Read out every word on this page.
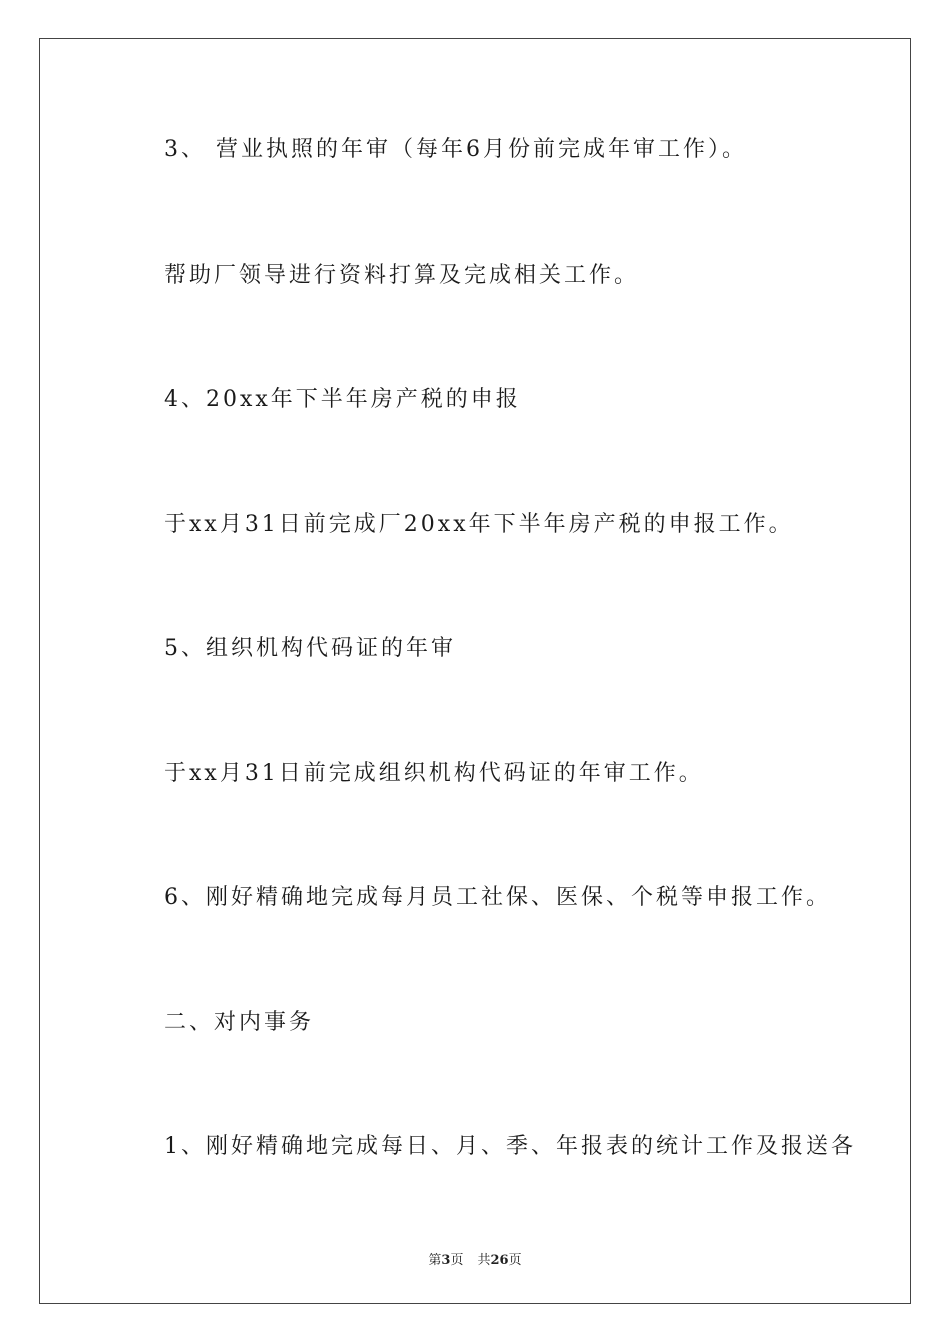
3、 营业执照的年审（每年6月份前完成年审工作）。
帮助厂领导进行资料打算及完成相关工作。
4、20xx年下半年房产税的申报
于xx月31日前完成厂20xx年下半年房产税的申报工作。
5、组织机构代码证的年审
于xx月31日前完成组织机构代码证的年审工作。
6、刚好精确地完成每月员工社保、医保、个税等申报工作。
二、对内事务
1、刚好精确地完成每日、月、季、年报表的统计工作及报送各
第3页 共26页
